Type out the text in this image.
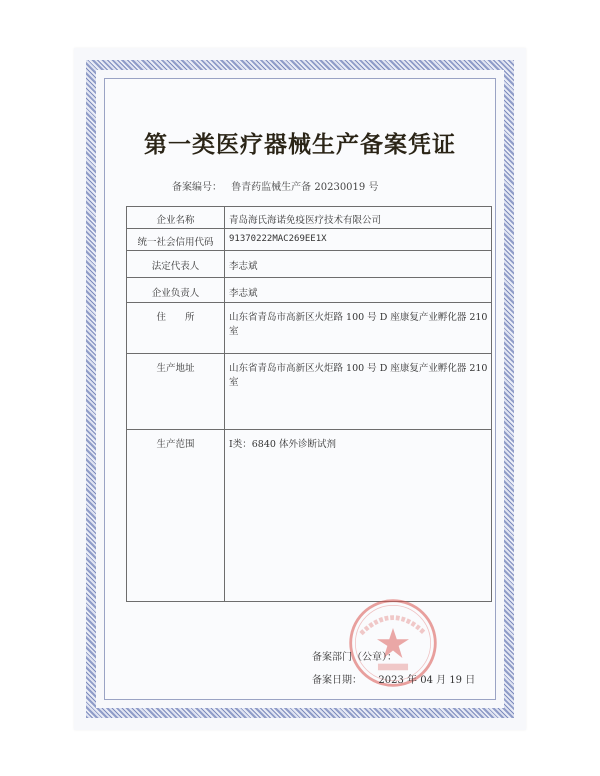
第一类医疗器械生产备案凭证
备案编号： 鲁青药监械生产备 20230019 号
企业名称	青岛海氏海诺免疫医疗技术有限公司
统一社会信用代码	91370222MAC269EE1X
法定代表人	李志斌
企业负责人	李志斌
住　　所	山东省青岛市高新区火炬路 100 号 D 座康复产业孵化器 210 室
生产地址	山东省青岛市高新区火炬路 100 号 D 座康复产业孵化器 210 室
生产范围	Ⅰ类：6840 体外诊断试剂
备案部门（公章）：
备案日期： 2023 年 04 月 19 日
